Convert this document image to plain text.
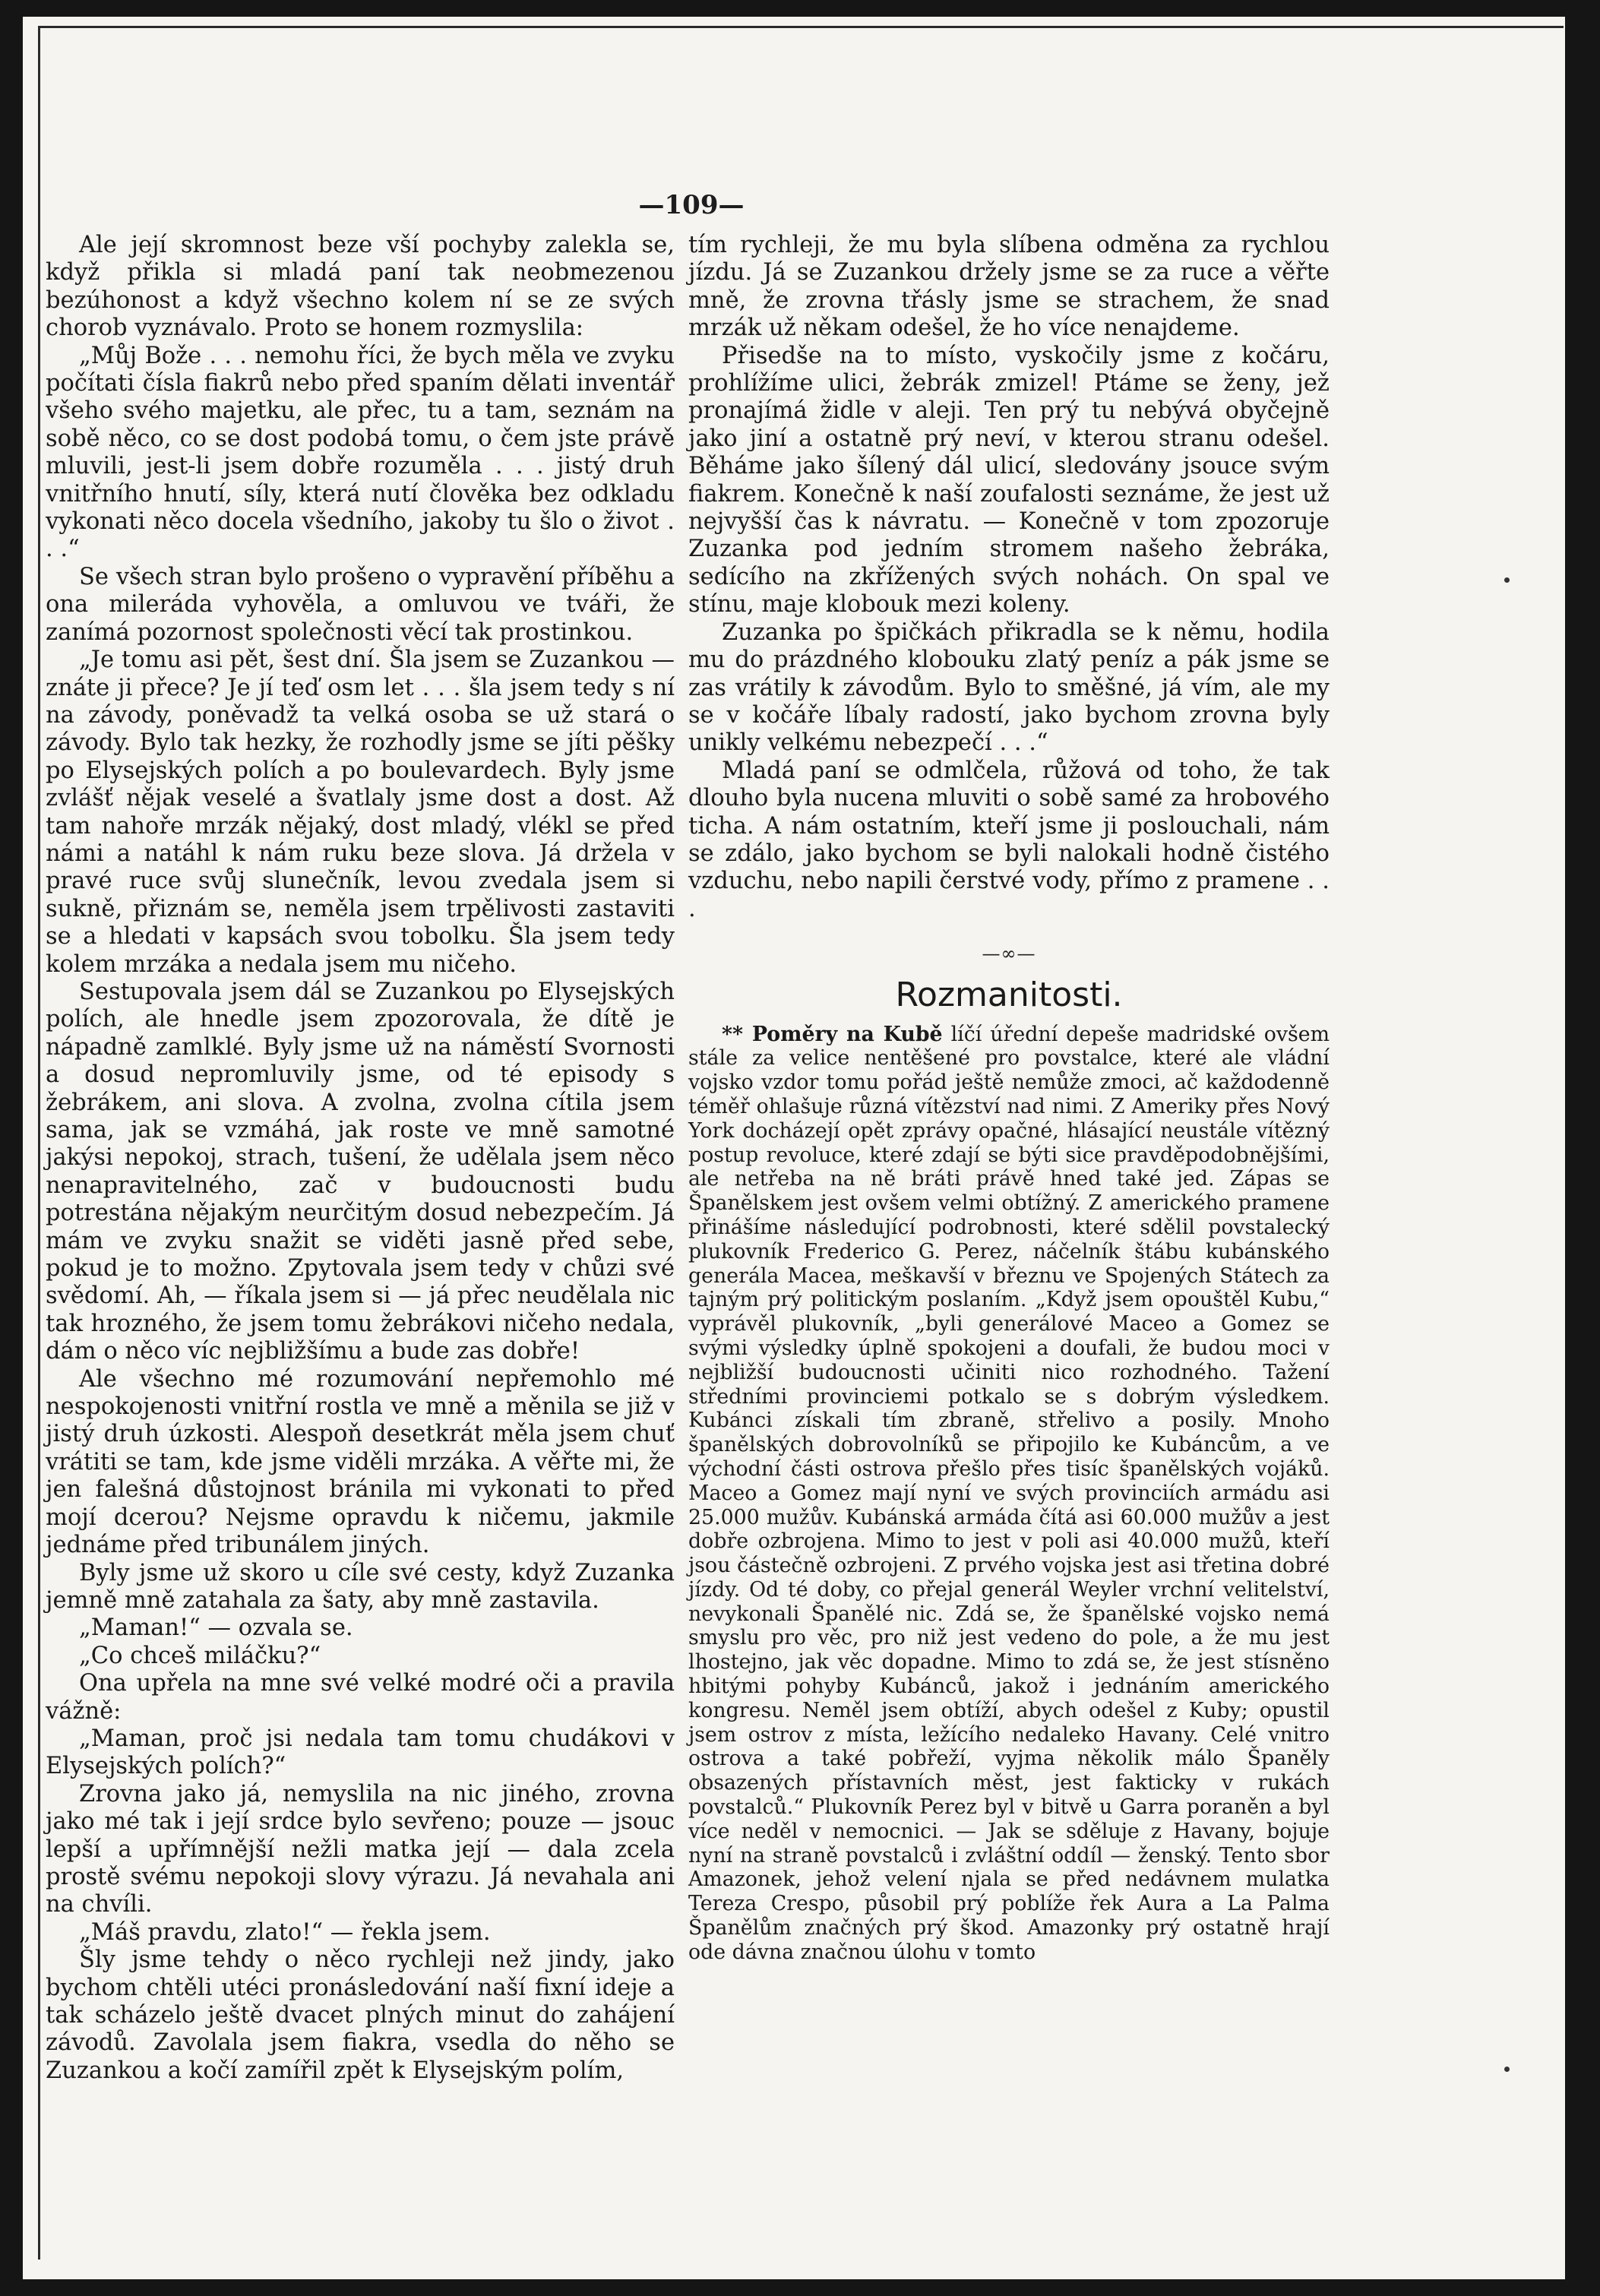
—109—

Ale její skromnost beze vší pochyby zalekla se, když přikla si mladá paní tak neobmezenou bezúhonost a když všechno kolem ní se ze svých chorob vyznávalo. Proto se honem rozmyslila:

„Můj Bože . . . nemohu říci, že bych měla ve zvyku počítati čísla fiakrů nebo před spaním dělati inventář všeho svého majetku, ale přec, tu a tam, seznám na sobě něco, co se dost podobá tomu, o čem jste právě mluvili, jest-li jsem dobře rozuměla . . . jistý druh vnitřního hnutí, síly, která nutí člověka bez odkladu vykonati něco docela všedního, jakoby tu šlo o život . . .“

Se všech stran bylo prošeno o vypravění příběhu a ona mileráda vyhověla, a omluvou ve tváři, že zanímá pozornost společnosti věcí tak prostinkou.

„Je tomu asi pět, šest dní. Šla jsem se Zuzankou — znáte ji přece? Je jí teď osm let . . . šla jsem tedy s ní na závody, poněvadž ta velká osoba se už stará o závody. Bylo tak hezky, že rozhodly jsme se jíti pěšky po Elysejských polích a po boulevardech. Byly jsme zvlášť nějak veselé a švatlaly jsme dost a dost. Až tam nahoře mrzák nějaký, dost mladý, vlékl se před námi a natáhl k nám ruku beze slova. Já držela v pravé ruce svůj slunečník, levou zvedala jsem si sukně, přiznám se, neměla jsem trpělivosti zastaviti se a hledati v kapsách svou tobolku. Šla jsem tedy kolem mrzáka a nedala jsem mu ničeho.

Sestupovala jsem dál se Zuzankou po Elysejských polích, ale hnedle jsem zpozorovala, že dítě je nápadně zamlklé. Byly jsme už na náměstí Svornosti a dosud nepromluvily jsme, od té episody s žebrákem, ani slova. A zvolna, zvolna cítila jsem sama, jak se vzmáhá, jak roste ve mně samotné jakýsi nepokoj, strach, tušení, že udělala jsem něco nenapravitelného, zač v budoucnosti budu potrestána nějakým neurčitým dosud nebezpečím. Já mám ve zvyku snažit se viděti jasně před sebe, pokud je to možno. Zpytovala jsem tedy v chůzi své svědomí. Ah, — říkala jsem si — já přec neudělala nic tak hrozného, že jsem tomu žebrákovi ničeho nedala, dám o něco víc nejbližšímu a bude zas dobře!

Ale všechno mé rozumování nepřemohlo mé nespokojenosti vnitřní rostla ve mně a měnila se již v jistý druh úzkosti. Alespoň desetkrát měla jsem chuť vrátiti se tam, kde jsme viděli mrzáka. A věřte mi, že jen falešná důstojnost bránila mi vykonati to před mojí dcerou? Nejsme opravdu k ničemu, jakmile jednáme před tribunálem jiných.

Byly jsme už skoro u cíle své cesty, když Zuzanka jemně mně zatahala za šaty, aby mně zastavila.

„Maman!“ — ozvala se.

„Co chceš miláčku?“

Ona upřela na mne své velké modré oči a pravila vážně:

„Maman, proč jsi nedala tam tomu chudákovi v Elysejských polích?“

Zrovna jako já, nemyslila na nic jiného, zrovna jako mé tak i její srdce bylo sevřeno; pouze — jsouc lepší a upřímnější nežli matka její — dala zcela prostě svému nepokoji slovy výrazu. Já nevahala ani na chvíli.

„Máš pravdu, zlato!“ — řekla jsem.

Šly jsme tehdy o něco rychleji než jindy, jako bychom chtěli utéci pronásledování naší fixní ideje a tak scházelo ještě dvacet plných minut do zahájení závodů. Zavolala jsem fiakra, vsedla do něho se Zuzankou a kočí zamířil zpět k Elysejským polím,

tím rychleji, že mu byla slíbena odměna za rychlou jízdu. Já se Zuzankou držely jsme se za ruce a věřte mně, že zrovna třásly jsme se strachem, že snad mrzák už někam odešel, že ho více nenajdeme.

Přisedše na to místo, vyskočily jsme z kočáru, prohlížíme ulici, žebrák zmizel! Ptáme se ženy, jež pronajímá židle v aleji. Ten prý tu nebývá obyčejně jako jiní a ostatně prý neví, v kterou stranu odešel. Běháme jako šílený dál ulicí, sledovány jsouce svým fiakrem. Konečně k naší zoufalosti seznáme, že jest už nejvyšší čas k návratu. — Konečně v tom zpozoruje Zuzanka pod jedním stromem našeho žebráka, sedícího na zkřížených svých nohách. On spal ve stínu, maje klobouk mezi koleny.

Zuzanka po špičkách přikradla se k němu, hodila mu do prázdného klobouku zlatý peníz a pák jsme se zas vrátily k závodům. Bylo to směšné, já vím, ale my se v kočáře líbaly radostí, jako bychom zrovna byly unikly velkému nebezpečí . . .“

Mladá paní se odmlčela, růžová od toho, že tak dlouho byla nucena mluviti o sobě samé za hrobového ticha. A nám ostatním, kteří jsme ji poslouchali, nám se zdálo, jako bychom se byli nalokali hodně čistého vzduchu, nebo napili čerstvé vody, přímo z pramene . . .

—∞—
Rozmanitosti.

** Poměry na Kubě líčí úřední depeše madridské ovšem stále za velice nentěšené pro povstalce, které ale vládní vojsko vzdor tomu pořád ještě nemůže zmoci, ač každodenně téměř ohlašuje různá vítězství nad nimi. Z Ameriky přes Nový York docházejí opět zprávy opačné, hlásající neustále vítězný postup revoluce, které zdají se býti sice pravděpodobnějšími, ale netřeba na ně bráti právě hned také jed. Zápas se Španělskem jest ovšem velmi obtížný. Z amerického pramene přinášíme následující podrobnosti, které sdělil povstalecký plukovník Frederico G. Perez, náčelník štábu kubánského generála Macea, meškavší v březnu ve Spojených Státech za tajným prý politickým poslaním. „Když jsem opouštěl Kubu,“ vyprávěl plukovník, „byli generálové Maceo a Gomez se svými výsledky úplně spokojeni a doufali, že budou moci v nejbližší budoucnosti učiniti nico rozhodného. Tažení středními provinciemi potkalo se s dobrým výsledkem. Kubánci získali tím zbraně, střelivo a posily. Mnoho španělských dobrovolníků se připojilo ke Kubáncům, a ve východní části ostrova přešlo přes tisíc španělských vojáků. Maceo a Gomez mají nyní ve svých provinciích armádu asi 25.000 mužův. Kubánská armáda čítá asi 60.000 mužův a jest dobře ozbrojena. Mimo to jest v poli asi 40.000 mužů, kteří jsou částečně ozbrojeni. Z prvého vojska jest asi třetina dobré jízdy. Od té doby, co přejal generál Weyler vrchní velitelství, nevykonali Španělé nic. Zdá se, že španělské vojsko nemá smyslu pro věc, pro niž jest vedeno do pole, a že mu jest lhostejno, jak věc dopadne. Mimo to zdá se, že jest stísněno hbitými pohyby Kubánců, jakož i jednáním amerického kongresu. Neměl jsem obtíží, abych odešel z Kuby; opustil jsem ostrov z místa, ležícího nedaleko Havany. Celé vnitro ostrova a také pobřeží, vyjma několik málo Španěly obsazených přístavních měst, jest fakticky v rukách povstalců.“ Plukovník Perez byl v bitvě u Garra poraněn a byl více neděl v nemocnici. — Jak se sděluje z Havany, bojuje nyní na straně povstalců i zvláštní oddíl — ženský. Tento sbor Amazonek, jehož velení njala se před nedávnem mulatka Tereza Crespo, působil prý poblíže řek Aura a La Palma Španělům značných prý škod. Amazonky prý ostatně hrají ode dávna značnou úlohu v tomto
